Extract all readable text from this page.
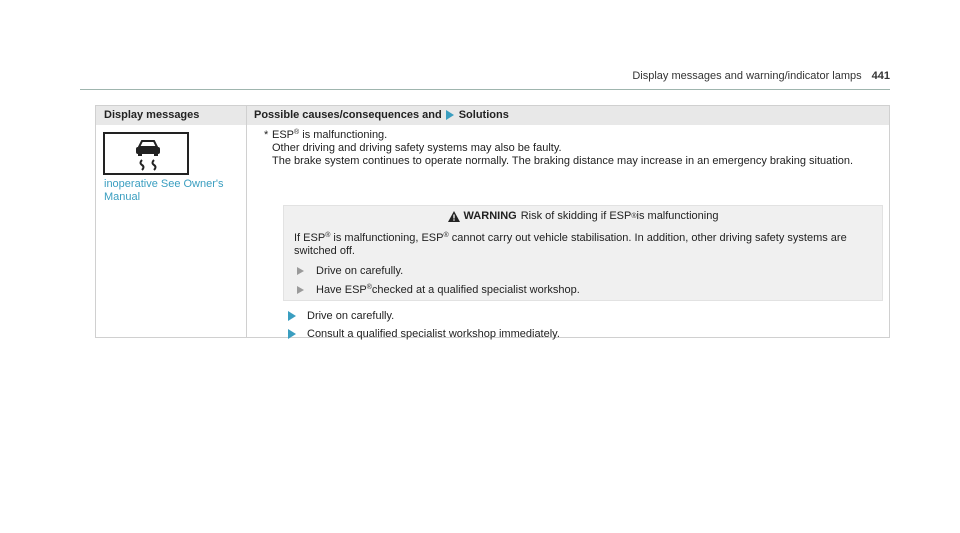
Display messages and warning/indicator lamps 441
Display messages	Possible causes/consequences and Solutions
inoperative See Owner's Manual

* ESP® is malfunctioning.

Other driving and driving safety systems may also be faulty.

The brake system continues to operate normally. The braking distance may increase in an emergency braking situation.

WARNING Risk of skidding if ESP ® is malfunctioning
If ESP® is malfunctioning, ESP® cannot carry out vehicle stabilisation. In addition, other driving safety systems are switched off.
Drive on carefully.
Have ESP® checked at a qualified specialist workshop.
Drive on carefully.
Consult a qualified specialist workshop immediately.
